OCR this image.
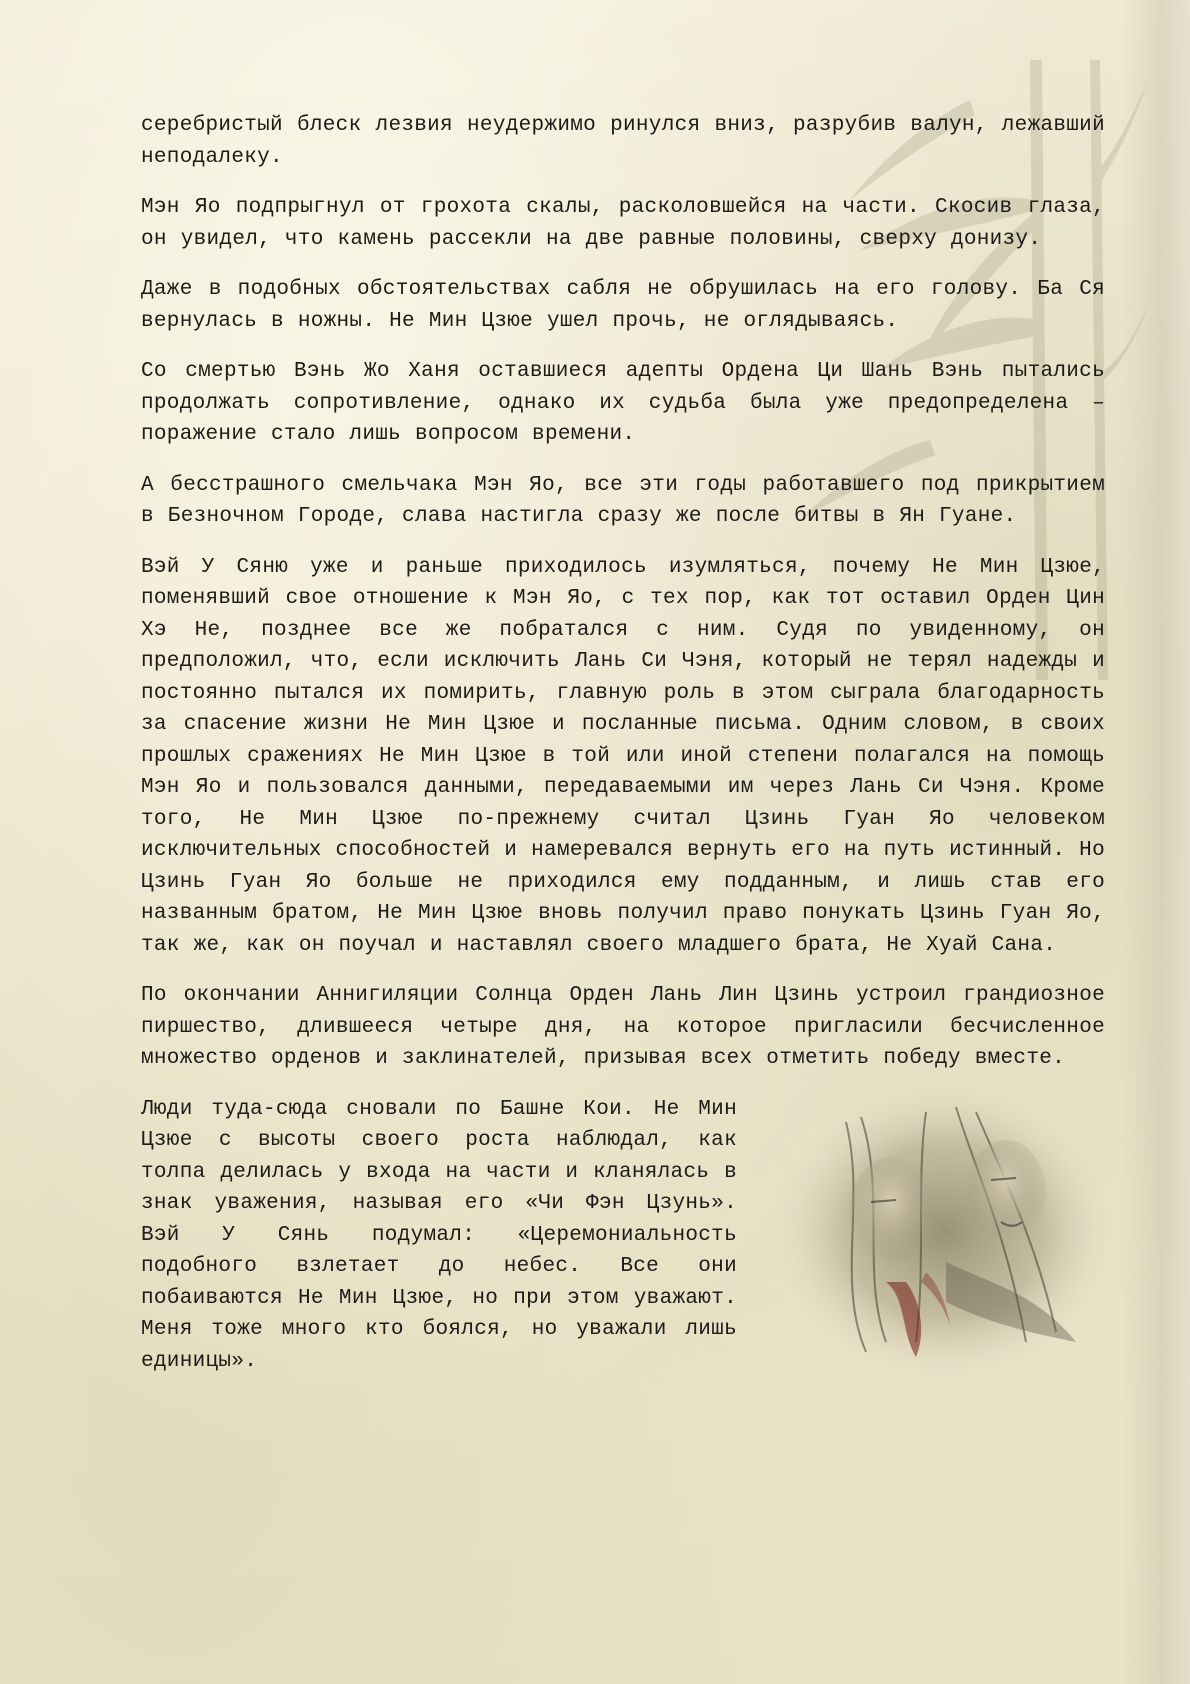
серебристый блеск лезвия неудержимо ринулся вниз, разрубив валун, лежавший неподалеку.

Мэн Яо подпрыгнул от грохота скалы, расколовшейся на части. Скосив глаза, он увидел, что камень рассекли на две равные половины, сверху донизу.

Даже в подобных обстоятельствах сабля не обрушилась на его голову. Ба Ся вернулась в ножны. Не Мин Цзюе ушел прочь, не оглядываясь.

Со смертью Вэнь Жо Ханя оставшиеся адепты Ордена Ци Шань Вэнь пытались продолжать сопротивление, однако их судьба была уже предопределена – поражение стало лишь вопросом времени.

А бесстрашного смельчака Мэн Яо, все эти годы работавшего под прикрытием в Безночном Городе, слава настигла сразу же после битвы в Ян Гуане.

Вэй У Сяню уже и раньше приходилось изумляться, почему Не Мин Цзюе, поменявший свое отношение к Мэн Яо, с тех пор, как тот оставил Орден Цин Хэ Не, позднее все же побратался с ним. Судя по увиденному, он предположил, что, если исключить Лань Си Чэня, который не терял надежды и постоянно пытался их помирить, главную роль в этом сыграла благодарность за спасение жизни Не Мин Цзюе и посланные письма. Одним словом, в своих прошлых сражениях Не Мин Цзюе в той или иной степени полагался на помощь Мэн Яо и пользовался данными, передаваемыми им через Лань Си Чэня. Кроме того, Не Мин Цзюе по-прежнему считал Цзинь Гуан Яо человеком исключительных способностей и намеревался вернуть его на путь истинный. Но Цзинь Гуан Яо больше не приходился ему подданным, и лишь став его названным братом, Не Мин Цзюе вновь получил право понукать Цзинь Гуан Яо, так же, как он поучал и наставлял своего младшего брата, Не Хуай Сана.

По окончании Аннигиляции Солнца Орден Лань Лин Цзинь устроил грандиозное пиршество, длившееся четыре дня, на которое пригласили бесчисленное множество орденов и заклинателей, призывая всех отметить победу вместе.

Люди туда-сюда сновали по Башне Кои. Не Мин Цзюе с высоты своего роста наблюдал, как толпа делилась у входа на части и кланялась в знак уважения, называя его «Чи Фэн Цзунь». Вэй У Сянь подумал: «Церемониальность подобного взлетает до небес. Все они побаиваются Не Мин Цзюе, но при этом уважают. Меня тоже много кто боялся, но уважали лишь единицы».
